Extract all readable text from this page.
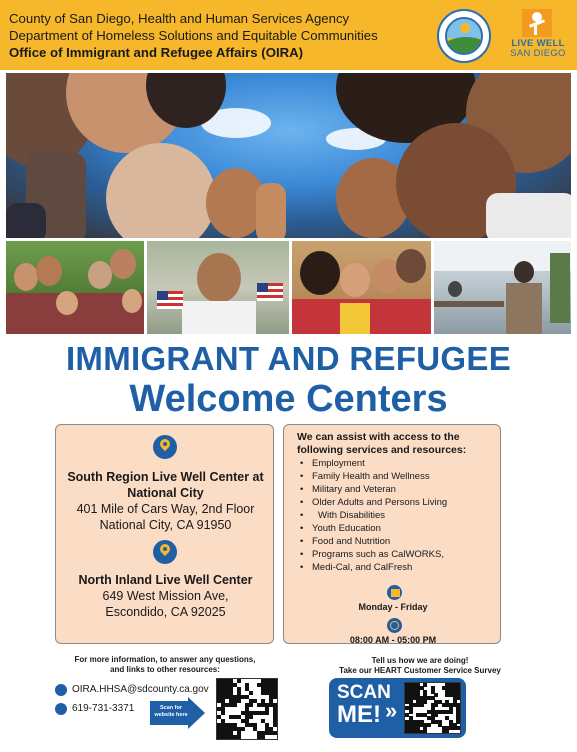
County of San Diego, Health and Human Services Agency
Department of Homeless Solutions and Equitable Communities
Office of Immigrant and Refugee Affairs (OIRA)
LIVE WELL
SAN DIEGO
IMMIGRANT AND REFUGEE
Welcome Centers
South Region Live Well Center at
National City
401 Mile of Cars Way, 2nd Floor
National City, CA 91950
North Inland Live Well Center
649 West Mission Ave,
Escondido, CA 92025
We can assist with access to the
following services and resources:
• Employment
• Family Health and Wellness
• Military and Veteran
• Older Adults and Persons Living
• With Disabilities
• Youth Education
• Food and Nutrition
• Programs such as CalWORKS,
• Medi-Cal, and CalFresh
Monday - Friday
08:00 AM - 05:00 PM
For more information, to answer any questions,
and links to other resources:
OIRA.HHSA@sdcounty.ca.gov
619-731-3371	Scan for
website here
Tell us how we are doing!
Take our HEART Customer Service Survey
SCAN
ME! »
